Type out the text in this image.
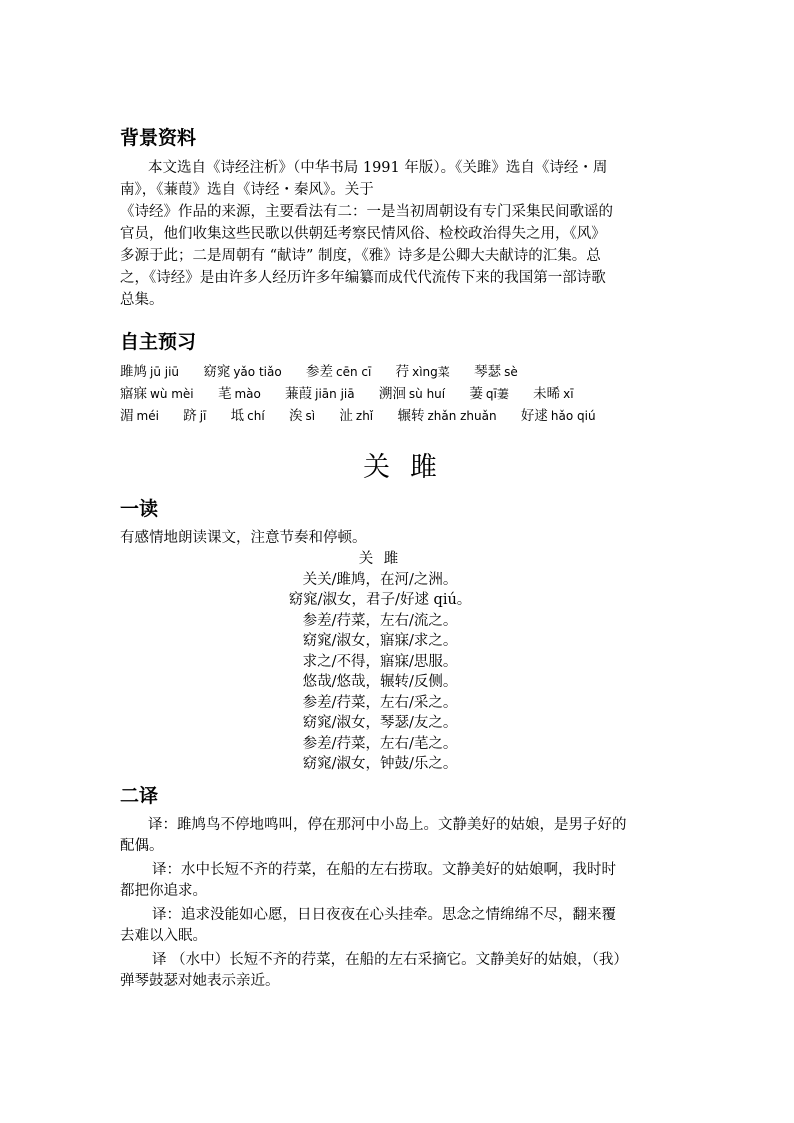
背景资料
本文选自《诗经注析》（中华书局 1991 年版）。《关雎》选自《诗经・周
南》，《蒹葭》选自《诗经・秦风》。关于
《诗经》作品的来源，主要看法有二：一是当初周朝设有专门采集民间歌谣的
官员，他们收集这些民歌以供朝廷考察民情风俗、检校政治得失之用，《风》
多源于此；二是周朝有 “献诗” 制度，《雅》诗多是公卿大夫献诗的汇集。总
之，《诗经》是由许多人经历许多年编纂而成代代流传下来的我国第一部诗歌
总集。
自主预习
雎鸠 jū jiū 窈窕 yǎo tiǎo 参差 cēn cī 荇 xìng菜 琴瑟 sè
寤寐 wù mèi 芼 mào 蒹葭 jiān jiā 溯洄 sù huí 萋 qī萋 未晞 xī
湄 méi 跻 jī 坻 chí 涘 sì 沚 zhǐ 辗转 zhǎn zhuǎn 好逑 hǎo qiú
关雎
一读

有感情地朗读课文，注意节奏和停顿。

关 雎
关关/雎鸠，在河/之洲。
窈窕/淑女，君子/好逑 qiú。
参差/荇菜，左右/流之。
窈窕/淑女，寤寐/求之。
求之/不得，寤寐/思服。
悠哉/悠哉，辗转/反侧。
参差/荇菜，左右/采之。
窈窕/淑女，琴瑟/友之。
参差/荇菜，左右/芼之。
窈窕/淑女，钟鼓/乐之。
二译
译：雎鸠鸟不停地鸣叫，停在那河中小岛上。文静美好的姑娘，是男子好的
配偶。
译：水中长短不齐的荇菜，在船的左右捞取。文静美好的姑娘啊，我时时
都把你追求。
译：追求没能如心愿，日日夜夜在心头挂牵。思念之情绵绵不尽，翻来覆
去难以入眠。
译 （水中）长短不齐的荇菜，在船的左右采摘它。文静美好的姑娘，（我）
弹琴鼓瑟对她表示亲近。
